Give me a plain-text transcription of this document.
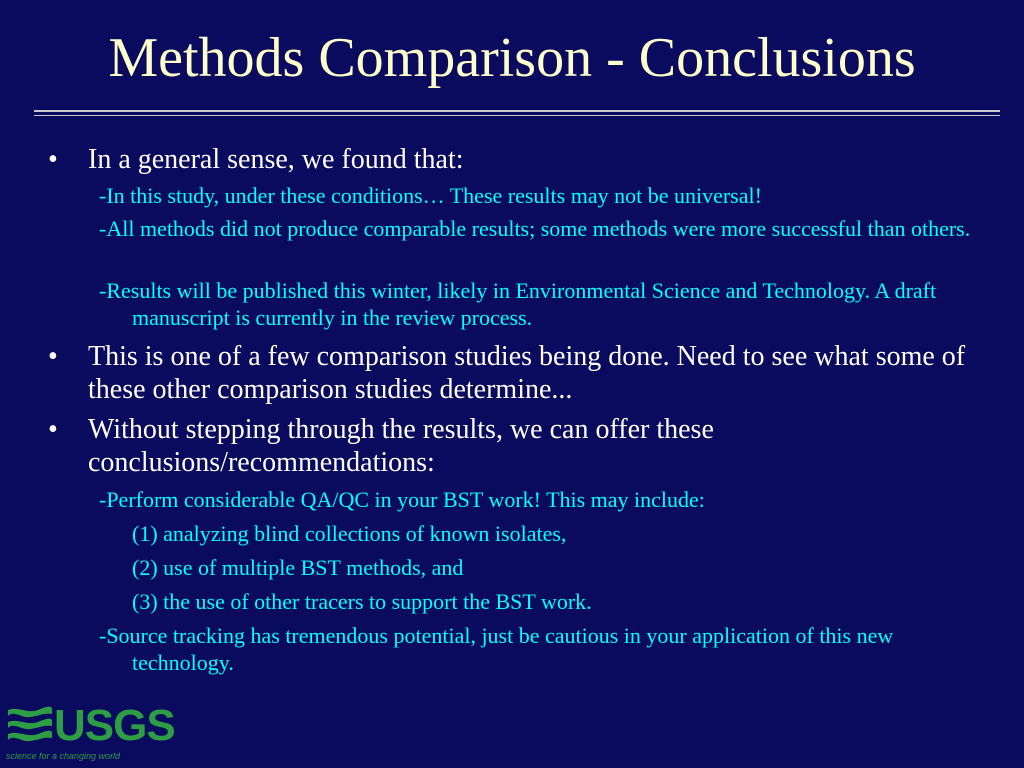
Methods Comparison - Conclusions
• In a general sense, we found that:
-In this study, under these conditions… These results may not be universal!
-All methods did not produce comparable results; some methods were more successful than others.
-Results will be published this winter, likely in Environmental Science and Technology. A draft manuscript is currently in the review process.
• This is one of a few comparison studies being done. Need to see what some of these other comparison studies determine...
• Without stepping through the results, we can offer these conclusions/recommendations:
-Perform considerable QA/QC in your BST work! This may include:
(1) analyzing blind collections of known isolates,
(2) use of multiple BST methods, and
(3) the use of other tracers to support the BST work.
-Source tracking has tremendous potential, just be cautious in your application of this new technology.
USGS
science for a changing world
